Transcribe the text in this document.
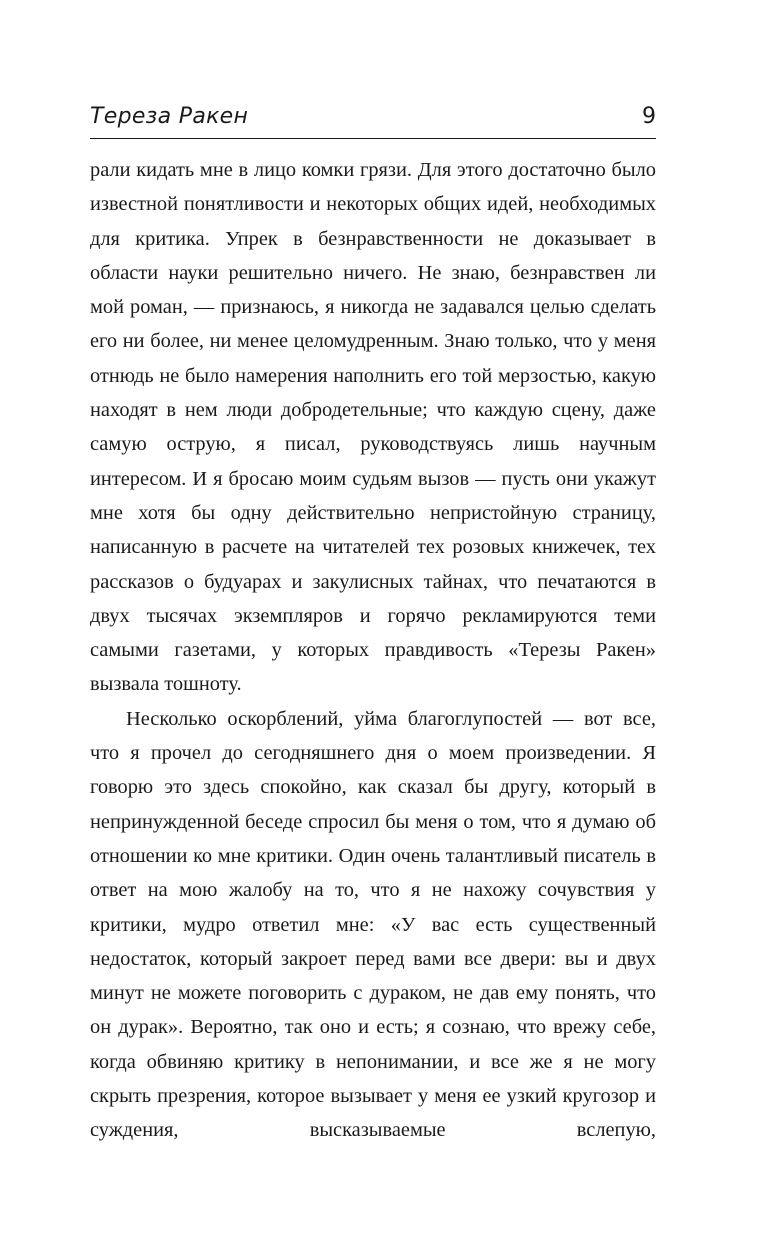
Тереза Ракен	9

рали кидать мне в лицо комки грязи. Для этого достаточно было известной понятливости и некоторых общих идей, необходимых для критика. Упрек в безнравственности не доказывает в области науки решительно ничего. Не знаю, безнравствен ли мой роман, — признаюсь, я никогда не задавался целью сделать его ни более, ни менее целомудренным. Знаю только, что у меня отнюдь не было намерения наполнить его той мерзостью, какую находят в нем люди добродетельные; что каждую сцену, даже самую острую, я писал, руководствуясь лишь научным интересом. И я бросаю моим судьям вызов — пусть они укажут мне хотя бы одну действительно непристойную страницу, написанную в расчете на читателей тех розовых книжечек, тех рассказов о будуарах и закулисных тайнах, что печатаются в двух тысячах экземпляров и горячо рекламируются теми самыми газетами, у которых правдивость «Терезы Ракен» вызвала тошноту.

Несколько оскорблений, уйма благоглупостей — вот все, что я прочел до сегодняшнего дня о моем произведении. Я говорю это здесь спокойно, как сказал бы другу, который в непринужденной беседе спросил бы меня о том, что я думаю об отношении ко мне критики. Один очень талантливый писатель в ответ на мою жалобу на то, что я не нахожу сочувствия у критики, мудро ответил мне: «У вас есть существенный недостаток, который закроет перед вами все двери: вы и двух минут не можете поговорить с дураком, не дав ему понять, что он дурак». Вероятно, так оно и есть; я сознаю, что врежу себе, когда обвиняю критику в непонимании, и все же я не могу скрыть презрения, которое вызывает у меня ее узкий кругозор и суждения, высказываемые вслепую,
